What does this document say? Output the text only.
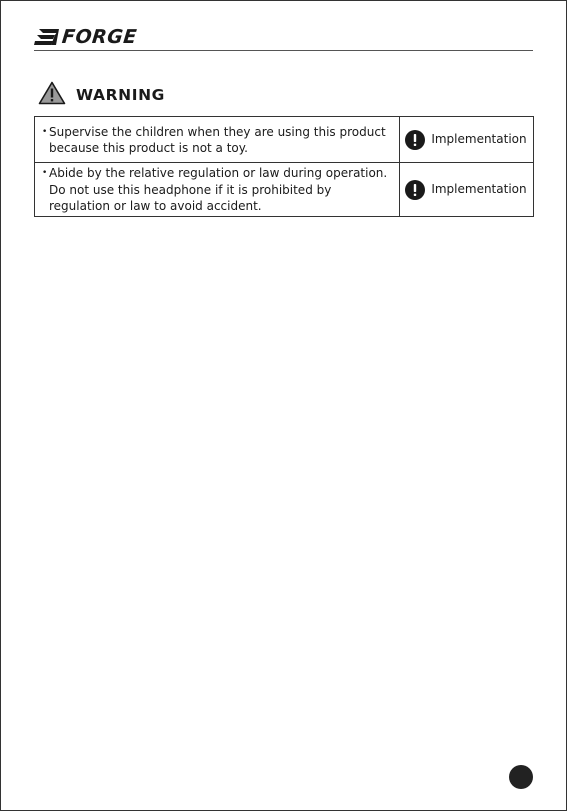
FORGE
WARNING
• Supervise the children when they are using this product because this product is not a toy.	Implementation

• Abide by the relative regulation or law during operation. Do not use this headphone if it is prohibited by regulation or law to avoid accident.	Implementation
